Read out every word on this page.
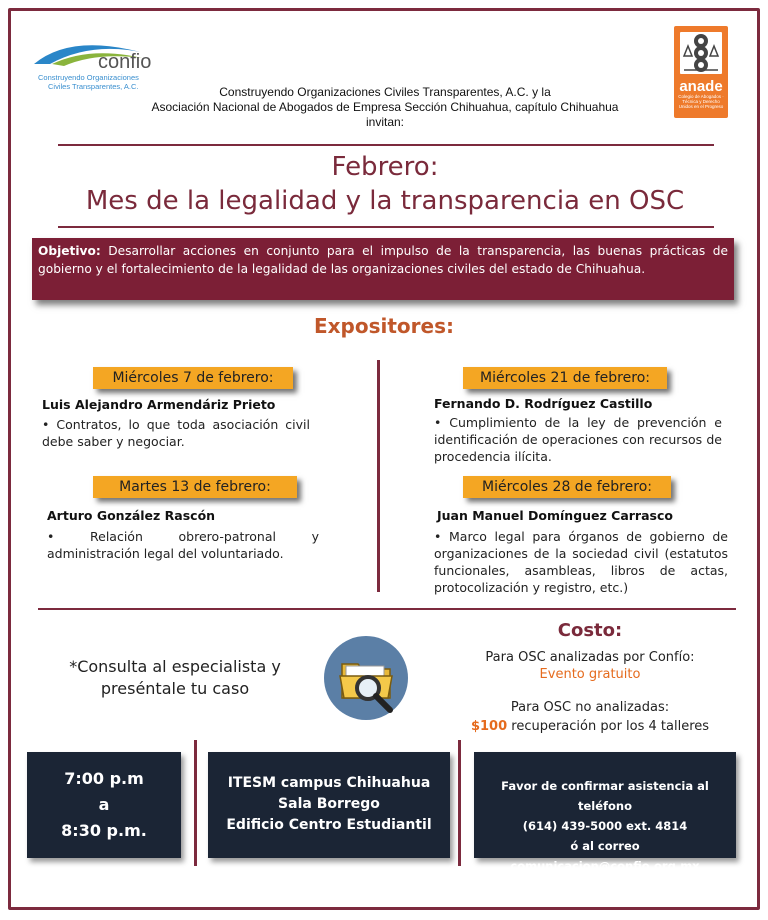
confio
Construyendo Organizaciones
Civiles Transparentes, A.C.	anade
Colegio de Abogados · Técnica y Derecho Unidos en el Progreso
Construyendo Organizaciones Civiles Transparentes, A.C. y la
Asociación Nacional de Abogados de Empresa Sección Chihuahua, capítulo Chihuahua
invitan:
Febrero:
Mes de la legalidad y la transparencia en OSC
Objetivo: Desarrollar acciones en conjunto para el impulso de la transparencia, las buenas prácticas de gobierno y el fortalecimiento de la legalidad de las organizaciones civiles del estado de Chihuahua.
Expositores:
Miércoles 7 de febrero:
Luis Alejandro Armendáriz Prieto
• Contratos, lo que toda asociación civil debe saber y negociar.
Martes 13 de febrero:
Arturo González Rascón
• Relación obrero-patronal y administración legal del voluntariado.
Miércoles 21 de febrero:
Fernando D. Rodríguez Castillo
• Cumplimiento de la ley de prevención e identificación de operaciones con recursos de procedencia ilícita.
Miércoles 28 de febrero:
Juan Manuel Domínguez Carrasco
• Marco legal para órganos de gobierno de organizaciones de la sociedad civil (estatutos funcionales, asambleas, libros de actas, protocolización y registro, etc.)
*Consulta al especialista y
preséntale tu caso
Costo:
Para OSC analizadas por Confío:
Evento gratuito
Para OSC no analizadas:
$100 recuperación por los 4 talleres
7:00 p.m
a
8:30 p.m.
ITESM campus Chihuahua
Sala Borrego
Edificio Centro Estudiantil
Favor de confirmar asistencia al teléfono
(614) 439-5000 ext. 4814
ó al correo comunicacion@confio.org.mx
